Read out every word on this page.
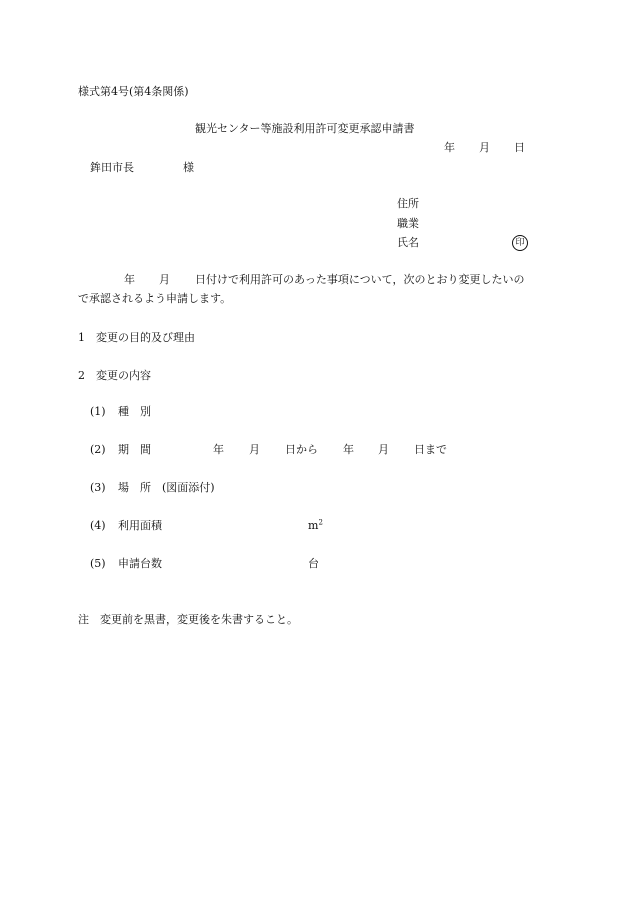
様式第4号(第4条関係)
観光センター等施設利用許可変更承認申請書
年 月 日
鉾田市長	様
住所
職業
氏名	印
年 月 日付けで利用許可のあった事項について，次のとおり変更したいの
で承認されるよう申請します。
1　変更の目的及び理由
2　変更の内容
(1) 種　別
(2) 期　間	年 月 日から 年 月 日まで
(3) 場　所　(図面添付)
(4) 利用面積	$m^2$
(5) 申請台数	台
注　変更前を黒書，変更後を朱書すること。
